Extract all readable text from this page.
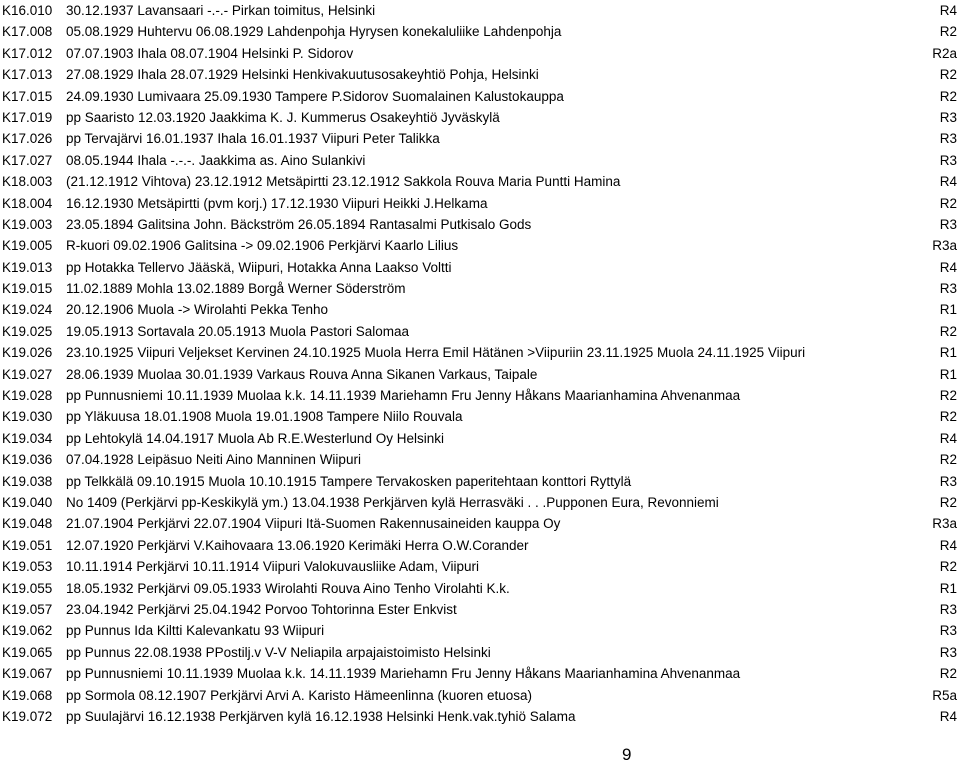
K16.010 30.12.1937 Lavansaari -.-.- Pirkan toimitus, Helsinki	R4
K17.008 05.08.1929 Huhtervu 06.08.1929 Lahdenpohja Hyrysen konekaluliike Lahdenpohja	R2
K17.012 07.07.1903 Ihala 08.07.1904 Helsinki P. Sidorov	R2a
K17.013 27.08.1929 Ihala 28.07.1929 Helsinki Henkivakuutusosakeyhtiö Pohja, Helsinki	R2
K17.015 24.09.1930 Lumivaara 25.09.1930 Tampere P.Sidorov Suomalainen Kalustokauppa	R2
K17.019 pp Saaristo 12.03.1920 Jaakkima K. J. Kummerus Osakeyhtiö Jyväskylä	R3
K17.026 pp Tervajärvi 16.01.1937 Ihala 16.01.1937 Viipuri Peter Talikka	R3
K17.027 08.05.1944 Ihala -.-.-. Jaakkima as. Aino Sulankivi	R3
K18.003 (21.12.1912 Vihtova) 23.12.1912 Metsäpirtti 23.12.1912 Sakkola Rouva Maria Puntti Hamina	R4
K18.004 16.12.1930 Metsäpirtti (pvm korj.) 17.12.1930 Viipuri Heikki J.Helkama	R2
K19.003 23.05.1894 Galitsina John. Bäckström 26.05.1894 Rantasalmi Putkisalo Gods	R3
K19.005 R-kuori 09.02.1906 Galitsina -> 09.02.1906 Perkjärvi Kaarlo Lilius	R3a
K19.013 pp Hotakka Tellervo Jääskä, Wiipuri, Hotakka Anna Laakso Voltti	R4
K19.015 11.02.1889 Mohla 13.02.1889 Borgå Werner Söderström	R3
K19.024 20.12.1906 Muola -> Wirolahti Pekka Tenho	R1
K19.025 19.05.1913 Sortavala 20.05.1913 Muola Pastori Salomaa	R2
K19.026 23.10.1925 Viipuri Veljekset Kervinen 24.10.1925 Muola Herra Emil Hätänen >Viipuriin 23.11.1925 Muola 24.11.1925 Viipuri	R1
K19.027 28.06.1939 Muolaa 30.01.1939 Varkaus Rouva Anna Sikanen Varkaus, Taipale	R1
K19.028 pp Punnusniemi 10.11.1939 Muolaa k.k. 14.11.1939 Mariehamn Fru Jenny Håkans Maarianhamina Ahvenanmaa	R2
K19.030 pp Yläkuusa 18.01.1908 Muola 19.01.1908 Tampere Niilo Rouvala	R2
K19.034 pp Lehtokylä 14.04.1917 Muola Ab R.E.Westerlund Oy Helsinki	R4
K19.036 07.04.1928 Leipäsuo Neiti Aino Manninen Wiipuri	R2
K19.038 pp Telkkälä 09.10.1915 Muola 10.10.1915 Tampere Tervakosken paperitehtaan konttori Ryttylä	R3
K19.040 No 1409 (Perkjärvi pp-Keskikylä ym.) 13.04.1938 Perkjärven kylä Herrasväki . . .Pupponen Eura, Revonniemi	R2
K19.048 21.07.1904 Perkjärvi 22.07.1904 Viipuri Itä-Suomen Rakennusaineiden kauppa Oy	R3a
K19.051 12.07.1920 Perkjärvi V.Kaihovaara 13.06.1920 Kerimäki Herra O.W.Corander	R4
K19.053 10.11.1914 Perkjärvi 10.11.1914 Viipuri Valokuvausliike Adam, Viipuri	R2
K19.055 18.05.1932 Perkjärvi 09.05.1933 Wirolahti Rouva Aino Tenho Virolahti K.k.	R1
K19.057 23.04.1942 Perkjärvi 25.04.1942 Porvoo Tohtorinna Ester Enkvist	R3
K19.062 pp Punnus Ida Kiltti Kalevankatu 93 Wiipuri	R3
K19.065 pp Punnus 22.08.1938 PPostilj.v V-V Neliapila arpajaistoimisto Helsinki	R3
K19.067 pp Punnusniemi 10.11.1939 Muolaa k.k. 14.11.1939 Mariehamn Fru Jenny Håkans Maarianhamina Ahvenanmaa	R2
K19.068 pp Sormola 08.12.1907 Perkjärvi Arvi A. Karisto Hämeenlinna (kuoren etuosa)	R5a
K19.072 pp Suulajärvi 16.12.1938 Perkjärven kylä 16.12.1938 Helsinki Henk.vak.tyhiö Salama	R4
9
